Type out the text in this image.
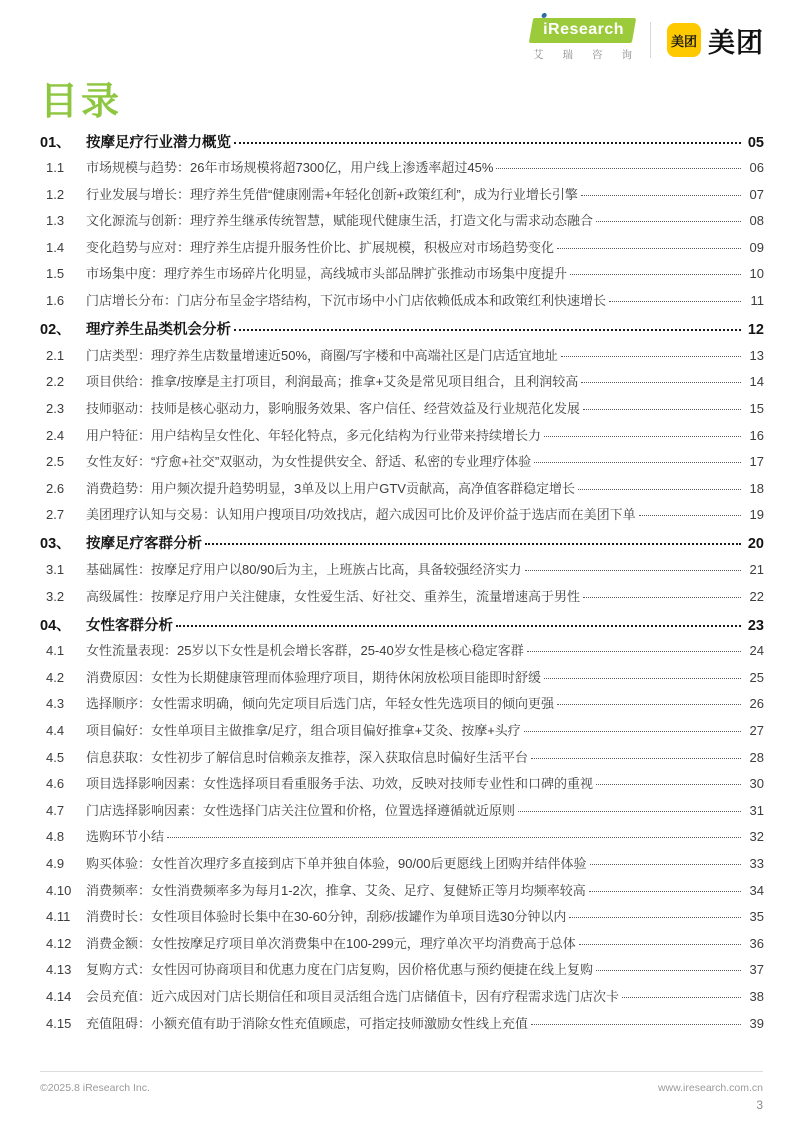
iResearch
艾 瑞 咨 询
美团 美团
目录
01、	按摩足疗行业潜力概览	05
1.1	市场规模与趋势：26年市场规模将超7300亿，用户线上渗透率超过45%	06
1.2	行业发展与增长：理疗养生凭借“健康刚需+年轻化创新+政策红利”，成为行业增长引擎	07
1.3	文化源流与创新：理疗养生继承传统智慧，赋能现代健康生活，打造文化与需求动态融合	08
1.4	变化趋势与应对：理疗养生店提升服务性价比、扩展规模，积极应对市场趋势变化	09
1.5	市场集中度：理疗养生市场碎片化明显，高线城市头部品牌扩张推动市场集中度提升	10
1.6	门店增长分布：门店分布呈金字塔结构，下沉市场中小门店依赖低成本和政策红利快速增长	11
02、	理疗养生品类机会分析	12
2.1	门店类型：理疗养生店数量增速近50%，商圈/写字楼和中高端社区是门店适宜地址	13
2.2	项目供给：推拿/按摩是主打项目，利润最高；推拿+艾灸是常见项目组合，且利润较高	14
2.3	技师驱动：技师是核心驱动力，影响服务效果、客户信任、经营效益及行业规范化发展	15
2.4	用户特征：用户结构呈女性化、年轻化特点，多元化结构为行业带来持续增长力	16
2.5	女性友好：“疗愈+社交”双驱动，为女性提供安全、舒适、私密的专业理疗体验	17
2.6	消费趋势：用户频次提升趋势明显，3单及以上用户GTV贡献高，高净值客群稳定增长	18
2.7	美团理疗认知与交易：认知用户搜项目/功效找店，超六成因可比价及评价益于选店而在美团下单	19
03、	按摩足疗客群分析	20
3.1	基础属性：按摩足疗用户以80/90后为主，上班族占比高，具备较强经济实力	21
3.2	高级属性：按摩足疗用户关注健康，女性爱生活、好社交、重养生，流量增速高于男性	22
04、	女性客群分析	23
4.1	女性流量表现：25岁以下女性是机会增长客群，25-40岁女性是核心稳定客群	24
4.2	消费原因：女性为长期健康管理而体验理疗项目，期待休闲放松项目能即时舒缓	25
4.3	选择顺序：女性需求明确，倾向先定项目后选门店，年轻女性先选项目的倾向更强	26
4.4	项目偏好：女性单项目主做推拿/足疗，组合项目偏好推拿+艾灸、按摩+头疗	27
4.5	信息获取：女性初步了解信息时信赖亲友推荐，深入获取信息时偏好生活平台	28
4.6	项目选择影响因素：女性选择项目看重服务手法、功效，反映对技师专业性和口碑的重视	30
4.7	门店选择影响因素：女性选择门店关注位置和价格，位置选择遵循就近原则	31
4.8	选购环节小结	32
4.9	购买体验：女性首次理疗多直接到店下单并独自体验，90/00后更愿线上团购并结伴体验	33
4.10	消费频率：女性消费频率多为每月1-2次，推拿、艾灸、足疗、复健矫正等月均频率较高	34
4.11	消费时长：女性项目体验时长集中在30-60分钟，刮痧/拔罐作为单项目选30分钟以内	35
4.12	消费金额：女性按摩足疗项目单次消费集中在100-299元，理疗单次平均消费高于总体	36
4.13	复购方式：女性因可协商项目和优惠力度在门店复购，因价格优惠与预约便捷在线上复购	37
4.14	会员充值：近六成因对门店长期信任和项目灵活组合选门店储值卡，因有疗程需求选门店次卡	38
4.15	充值阻碍：小额充值有助于消除女性充值顾虑，可指定技师激励女性线上充值	39
©2025.8 iResearch Inc.	www.iresearch.com.cn
3
